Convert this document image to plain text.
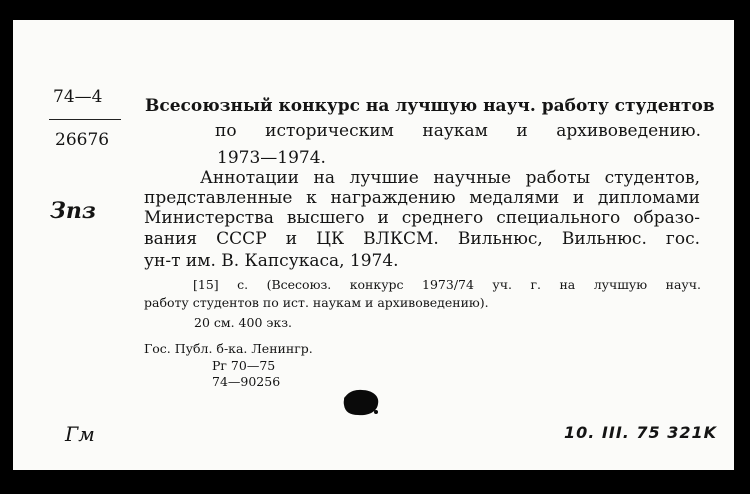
74—4
26676
Всесоюзный конкурс на лучшую науч. работу студентов
по историческим наукам и архивоведению.
1973—1974.
Аннотации на лучшие научные работы студентов,
представленные к награждению медалями и дипломами
Министерства высшего и среднего специального образо-
вания СССР и ЦК ВЛКСМ. Вильнюс, Вильнюс. гос.
ун-т им. В. Капсукаса, 1974.
[15] с. (Всесоюз. конкурс 1973/74 уч. г. на лучшую науч.
работу студентов по ист. наукам и архивоведению).
20 см. 400 экз.
Гос. Публ. б-ка. Ленингр.
Рг 70—75
74—90256
Зпз
Гм	10. III. 75 321K
